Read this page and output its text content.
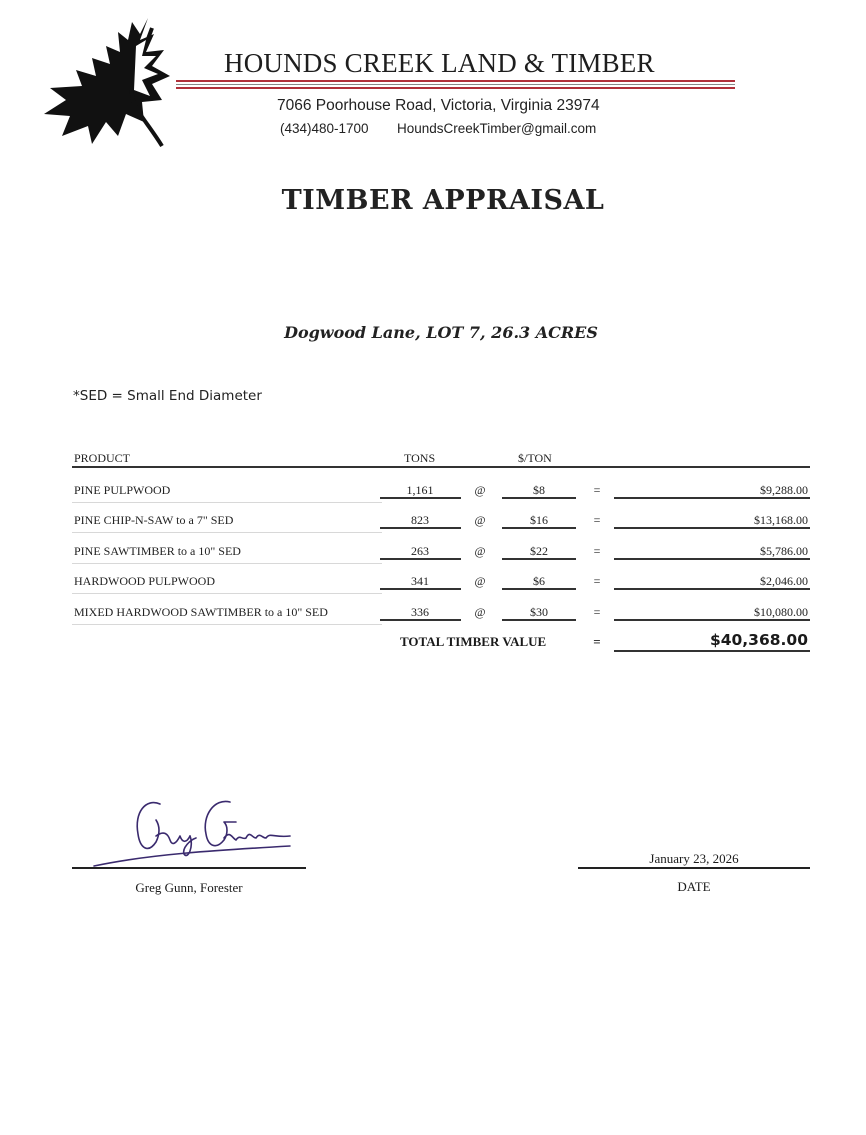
HOUNDS CREEK LAND & TIMBER
7066 Poorhouse Road, Victoria, Virginia 23974
(434)480-1700 HoundsCreekTimber@gmail.com
TIMBER APPRAISAL
Dogwood Lane, LOT 7, 26.3 ACRES
*SED = Small End Diameter
PRODUCT	TONS	$/TON
PINE PULPWOOD	1,161	@	$8	=	$9,288.00
PINE CHIP-N-SAW to a 7" SED	823	@	$16	=	$13,168.00
PINE SAWTIMBER to a 10" SED	263	@	$22	=	$5,786.00
HARDWOOD PULPWOOD	341	@	$6	=	$2,046.00
MIXED HARDWOOD SAWTIMBER to a 10" SED	336	@	$30	=	$10,080.00
TOTAL TIMBER VALUE	=	$40,368.00
Greg Gunn, Forester
January 23, 2026
DATE
